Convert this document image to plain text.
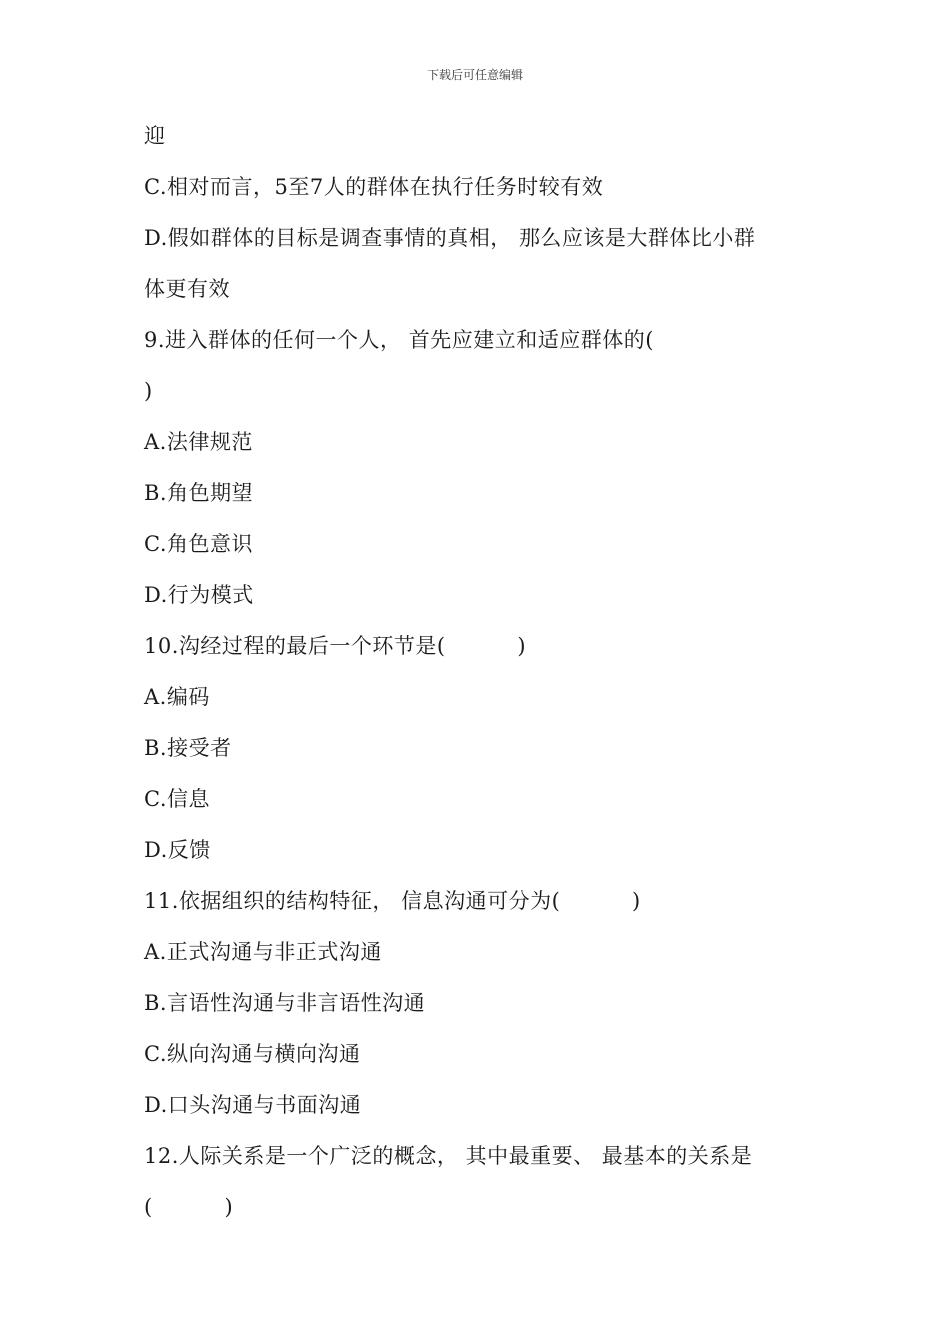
下载后可任意编辑
迎
C.相对而言，5至7人的群体在执行任务时较有效
D.假如群体的目标是调查事情的真相， 那么应该是大群体比小群
体更有效
9.进入群体的任何一个人， 首先应建立和适应群体的(
)
A.法律规范
B.角色期望
C.角色意识
D.行为模式
10.沟经过程的最后一个环节是(          )
A.编码
B.接受者
C.信息
D.反馈
11.依据组织的结构特征， 信息沟通可分为(          )
A.正式沟通与非正式沟通
B.言语性沟通与非言语性沟通
C.纵向沟通与横向沟通
D.口头沟通与书面沟通
12.人际关系是一个广泛的概念， 其中最重要、 最基本的关系是
(          )
